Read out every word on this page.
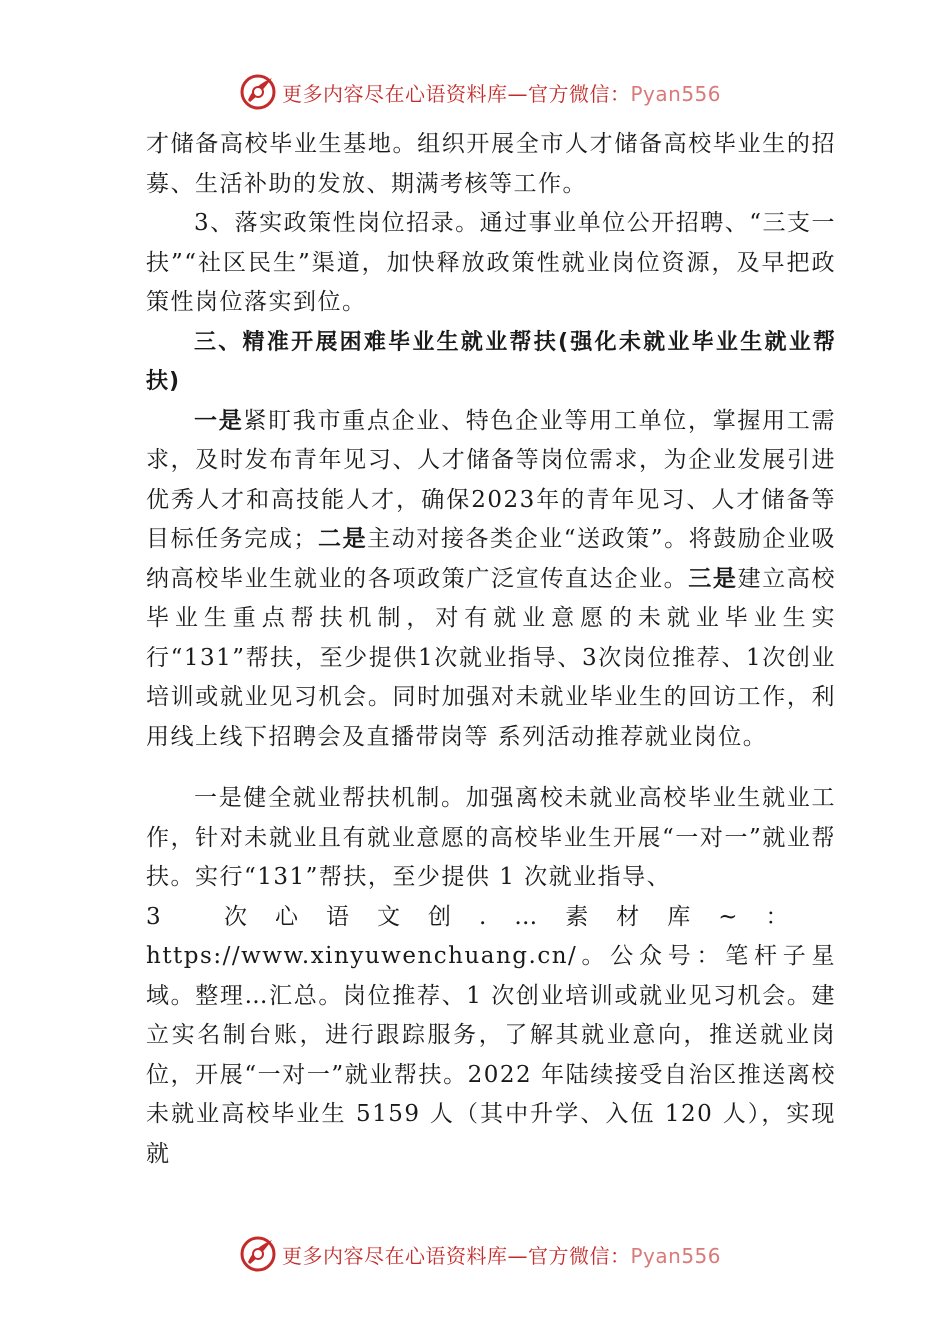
更多内容尽在心语资料库—官方微信：Pyan556

才储备高校毕业生基地。组织开展全市人才储备高校毕业生的招募、生活补助的发放、期满考核等工作。

3、落实政策性岗位招录。通过事业单位公开招聘、“三支一扶”“社区民生”渠道，加快释放政策性就业岗位资源，及早把政策性岗位落实到位。

三、精准开展困难毕业生就业帮扶(强化未就业毕业生就业帮扶)

一是紧盯我市重点企业、特色企业等用工单位，掌握用工需求，及时发布青年见习、人才储备等岗位需求，为企业发展引进优秀人才和高技能人才，确保2023年的青年见习、人才储备等目标任务完成；二是主动对接各类企业“送政策”。将鼓励企业吸纳高校毕业生就业的各项政策广泛宣传直达企业。三是建立高校毕业生重点帮扶机制，对有就业意愿的未就业毕业生实行“131”帮扶，至少提供1次就业指导、3次岗位推荐、1次创业培训或就业见习机会。同时加强对未就业毕业生的回访工作，利用线上线下招聘会及直播带岗等 系列活动推荐就业岗位。

一是健全就业帮扶机制。加强离校未就业高校毕业生就业工作，针对未就业且有就业意愿的高校毕业生开展“一对一”就业帮扶。实行“131”帮扶，至少提供 1 次就业指导、

3 次心语文创.…素材库~：

https://www.xinyuwenchuang.cn/。公众号：笔杆子星域。整理…汇总。岗位推荐、1 次创业培训或就业见习机会。建立实名制台账，进行跟踪服务，了解其就业意向，推送就业岗位，开展“一对一”就业帮扶。2022 年陆续接受自治区推送离校未就业高校毕业生 5159 人（其中升学、入伍 120 人），实现就

更多内容尽在心语资料库—官方微信：Pyan556
